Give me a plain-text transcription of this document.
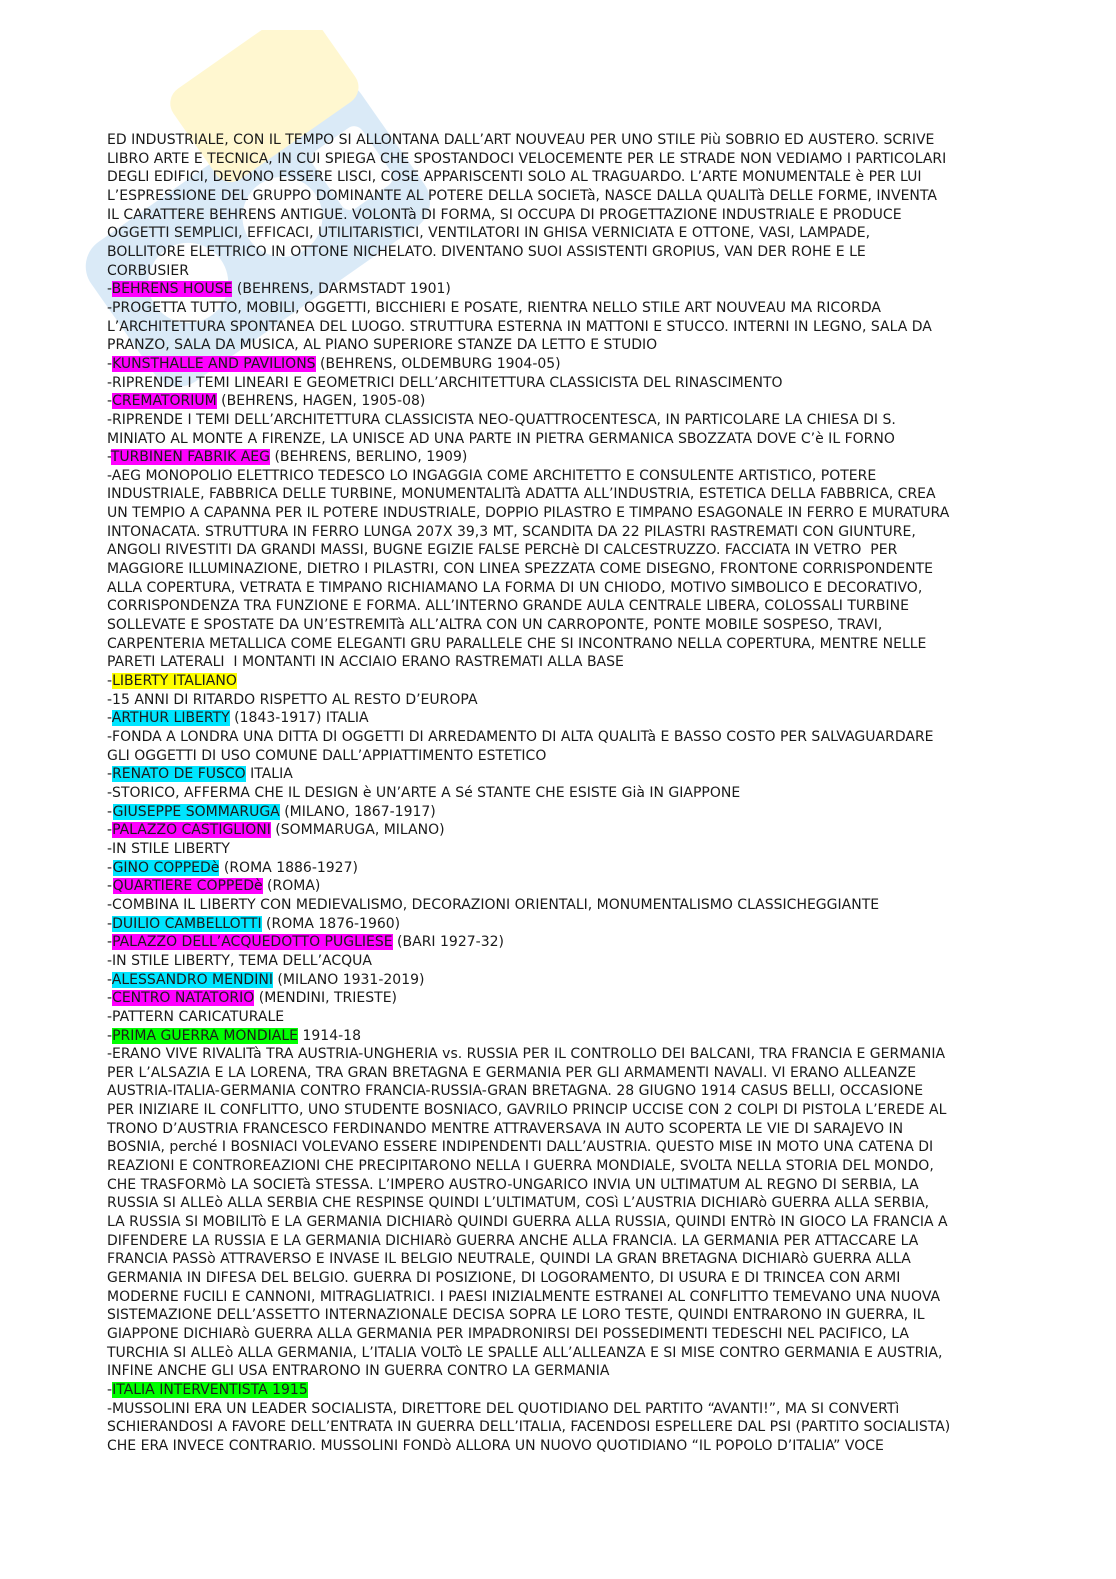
ED INDUSTRIALE, CON IL TEMPO SI ALLONTANA DALL’ART NOUVEAU PER UNO STILE Più SOBRIO ED AUSTERO. SCRIVE
LIBRO ARTE E TECNICA, IN CUI SPIEGA CHE SPOSTANDOCI VELOCEMENTE PER LE STRADE NON VEDIAMO I PARTICOLARI
DEGLI EDIFICI, DEVONO ESSERE LISCI, COSE APPARISCENTI SOLO AL TRAGUARDO. L’ARTE MONUMENTALE è PER LUI
L’ESPRESSIONE DEL GRUPPO DOMINANTE AL POTERE DELLA SOCIETà, NASCE DALLA QUALITà DELLE FORME, INVENTA
IL CARATTERE BEHRENS ANTIGUE. VOLONTà DI FORMA, SI OCCUPA DI PROGETTAZIONE INDUSTRIALE E PRODUCE
OGGETTI SEMPLICI, EFFICACI, UTILITARISTICI, VENTILATORI IN GHISA VERNICIATA E OTTONE, VASI, LAMPADE,
BOLLITORE ELETTRICO IN OTTONE NICHELATO. DIVENTANO SUOI ASSISTENTI GROPIUS, VAN DER ROHE E LE
CORBUSIER
-BEHRENS HOUSE (BEHRENS, DARMSTADT 1901)
-PROGETTA TUTTO, MOBILI, OGGETTI, BICCHIERI E POSATE, RIENTRA NELLO STILE ART NOUVEAU MA RICORDA
L’ARCHITETTURA SPONTANEA DEL LUOGO. STRUTTURA ESTERNA IN MATTONI E STUCCO. INTERNI IN LEGNO, SALA DA
PRANZO, SALA DA MUSICA, AL PIANO SUPERIORE STANZE DA LETTO E STUDIO
-KUNSTHALLE AND PAVILIONS (BEHRENS, OLDEMBURG 1904-05)
-RIPRENDE I TEMI LINEARI E GEOMETRICI DELL’ARCHITETTURA CLASSICISTA DEL RINASCIMENTO
-CREMATORIUM (BEHRENS, HAGEN, 1905-08)
-RIPRENDE I TEMI DELL’ARCHITETTURA CLASSICISTA NEO-QUATTROCENTESCA, IN PARTICOLARE LA CHIESA DI S.
MINIATO AL MONTE A FIRENZE, LA UNISCE AD UNA PARTE IN PIETRA GERMANICA SBOZZATA DOVE C’è IL FORNO
-TURBINEN FABRIK AEG (BEHRENS, BERLINO, 1909)
-AEG MONOPOLIO ELETTRICO TEDESCO LO INGAGGIA COME ARCHITETTO E CONSULENTE ARTISTICO, POTERE
INDUSTRIALE, FABBRICA DELLE TURBINE, MONUMENTALITà ADATTA ALL’INDUSTRIA, ESTETICA DELLA FABBRICA, CREA
UN TEMPIO A CAPANNA PER IL POTERE INDUSTRIALE, DOPPIO PILASTRO E TIMPANO ESAGONALE IN FERRO E MURATURA
INTONACATA. STRUTTURA IN FERRO LUNGA 207X 39,3 MT, SCANDITA DA 22 PILASTRI RASTREMATI CON GIUNTURE,
ANGOLI RIVESTITI DA GRANDI MASSI, BUGNE EGIZIE FALSE PERCHè DI CALCESTRUZZO. FACCIATA IN VETRO  PER
MAGGIORE ILLUMINAZIONE, DIETRO I PILASTRI, CON LINEA SPEZZATA COME DISEGNO, FRONTONE CORRISPONDENTE
ALLA COPERTURA, VETRATA E TIMPANO RICHIAMANO LA FORMA DI UN CHIODO, MOTIVO SIMBOLICO E DECORATIVO,
CORRISPONDENZA TRA FUNZIONE E FORMA. ALL’INTERNO GRANDE AULA CENTRALE LIBERA, COLOSSALI TURBINE
SOLLEVATE E SPOSTATE DA UN’ESTREMITà ALL’ALTRA CON UN CARROPONTE, PONTE MOBILE SOSPESO, TRAVI,
CARPENTERIA METALLICA COME ELEGANTI GRU PARALLELE CHE SI INCONTRANO NELLA COPERTURA, MENTRE NELLE
PARETI LATERALI  I MONTANTI IN ACCIAIO ERANO RASTREMATI ALLA BASE
-LIBERTY ITALIANO
-15 ANNI DI RITARDO RISPETTO AL RESTO D’EUROPA
-ARTHUR LIBERTY (1843-1917) ITALIA
-FONDA A LONDRA UNA DITTA DI OGGETTI DI ARREDAMENTO DI ALTA QUALITà E BASSO COSTO PER SALVAGUARDARE
GLI OGGETTI DI USO COMUNE DALL’APPIATTIMENTO ESTETICO
-RENATO DE FUSCO ITALIA
-STORICO, AFFERMA CHE IL DESIGN è UN’ARTE A Sé STANTE CHE ESISTE Già IN GIAPPONE
-GIUSEPPE SOMMARUGA (MILANO, 1867-1917)
-PALAZZO CASTIGLIONI (SOMMARUGA, MILANO)
-IN STILE LIBERTY
-GINO COPPEDè (ROMA 1886-1927)
-QUARTIERE COPPEDè (ROMA)
-COMBINA IL LIBERTY CON MEDIEVALISMO, DECORAZIONI ORIENTALI, MONUMENTALISMO CLASSICHEGGIANTE
-DUILIO CAMBELLOTTI (ROMA 1876-1960)
-PALAZZO DELL’ACQUEDOTTO PUGLIESE (BARI 1927-32)
-IN STILE LIBERTY, TEMA DELL’ACQUA
-ALESSANDRO MENDINI (MILANO 1931-2019)
-CENTRO NATATORIO (MENDINI, TRIESTE)
-PATTERN CARICATURALE
-PRIMA GUERRA MONDIALE 1914-18
-ERANO VIVE RIVALITà TRA AUSTRIA-UNGHERIA vs. RUSSIA PER IL CONTROLLO DEI BALCANI, TRA FRANCIA E GERMANIA
PER L’ALSAZIA E LA LORENA, TRA GRAN BRETAGNA E GERMANIA PER GLI ARMAMENTI NAVALI. VI ERANO ALLEANZE
AUSTRIA-ITALIA-GERMANIA CONTRO FRANCIA-RUSSIA-GRAN BRETAGNA. 28 GIUGNO 1914 CASUS BELLI, OCCASIONE
PER INIZIARE IL CONFLITTO, UNO STUDENTE BOSNIACO, GAVRILO PRINCIP UCCISE CON 2 COLPI DI PISTOLA L’EREDE AL
TRONO D’AUSTRIA FRANCESCO FERDINANDO MENTRE ATTRAVERSAVA IN AUTO SCOPERTA LE VIE DI SARAJEVO IN
BOSNIA, perché I BOSNIACI VOLEVANO ESSERE INDIPENDENTI DALL’AUSTRIA. QUESTO MISE IN MOTO UNA CATENA DI
REAZIONI E CONTROREAZIONI CHE PRECIPITARONO NELLA I GUERRA MONDIALE, SVOLTA NELLA STORIA DEL MONDO,
CHE TRASFORMò LA SOCIETà STESSA. L’IMPERO AUSTRO-UNGARICO INVIA UN ULTIMATUM AL REGNO DI SERBIA, LA
RUSSIA SI ALLEò ALLA SERBIA CHE RESPINSE QUINDI L’ULTIMATUM, COSì L’AUSTRIA DICHIARò GUERRA ALLA SERBIA,
LA RUSSIA SI MOBILITò E LA GERMANIA DICHIARò QUINDI GUERRA ALLA RUSSIA, QUINDI ENTRò IN GIOCO LA FRANCIA A
DIFENDERE LA RUSSIA E LA GERMANIA DICHIARò GUERRA ANCHE ALLA FRANCIA. LA GERMANIA PER ATTACCARE LA
FRANCIA PASSò ATTRAVERSO E INVASE IL BELGIO NEUTRALE, QUINDI LA GRAN BRETAGNA DICHIARò GUERRA ALLA
GERMANIA IN DIFESA DEL BELGIO. GUERRA DI POSIZIONE, DI LOGORAMENTO, DI USURA E DI TRINCEA CON ARMI
MODERNE FUCILI E CANNONI, MITRAGLIATRICI. I PAESI INIZIALMENTE ESTRANEI AL CONFLITTO TEMEVANO UNA NUOVA
SISTEMAZIONE DELL’ASSETTO INTERNAZIONALE DECISA SOPRA LE LORO TESTE, QUINDI ENTRARONO IN GUERRA, IL
GIAPPONE DICHIARò GUERRA ALLA GERMANIA PER IMPADRONIRSI DEI POSSEDIMENTI TEDESCHI NEL PACIFICO, LA
TURCHIA SI ALLEò ALLA GERMANIA, L’ITALIA VOLTò LE SPALLE ALL’ALLEANZA E SI MISE CONTRO GERMANIA E AUSTRIA,
INFINE ANCHE GLI USA ENTRARONO IN GUERRA CONTRO LA GERMANIA
-ITALIA INTERVENTISTA 1915
-MUSSOLINI ERA UN LEADER SOCIALISTA, DIRETTORE DEL QUOTIDIANO DEL PARTITO “AVANTI!”, MA SI CONVERTì
SCHIERANDOSI A FAVORE DELL’ENTRATA IN GUERRA DELL’ITALIA, FACENDOSI ESPELLERE DAL PSI (PARTITO SOCIALISTA)
CHE ERA INVECE CONTRARIO. MUSSOLINI FONDò ALLORA UN NUOVO QUOTIDIANO “IL POPOLO D’ITALIA” VOCE
